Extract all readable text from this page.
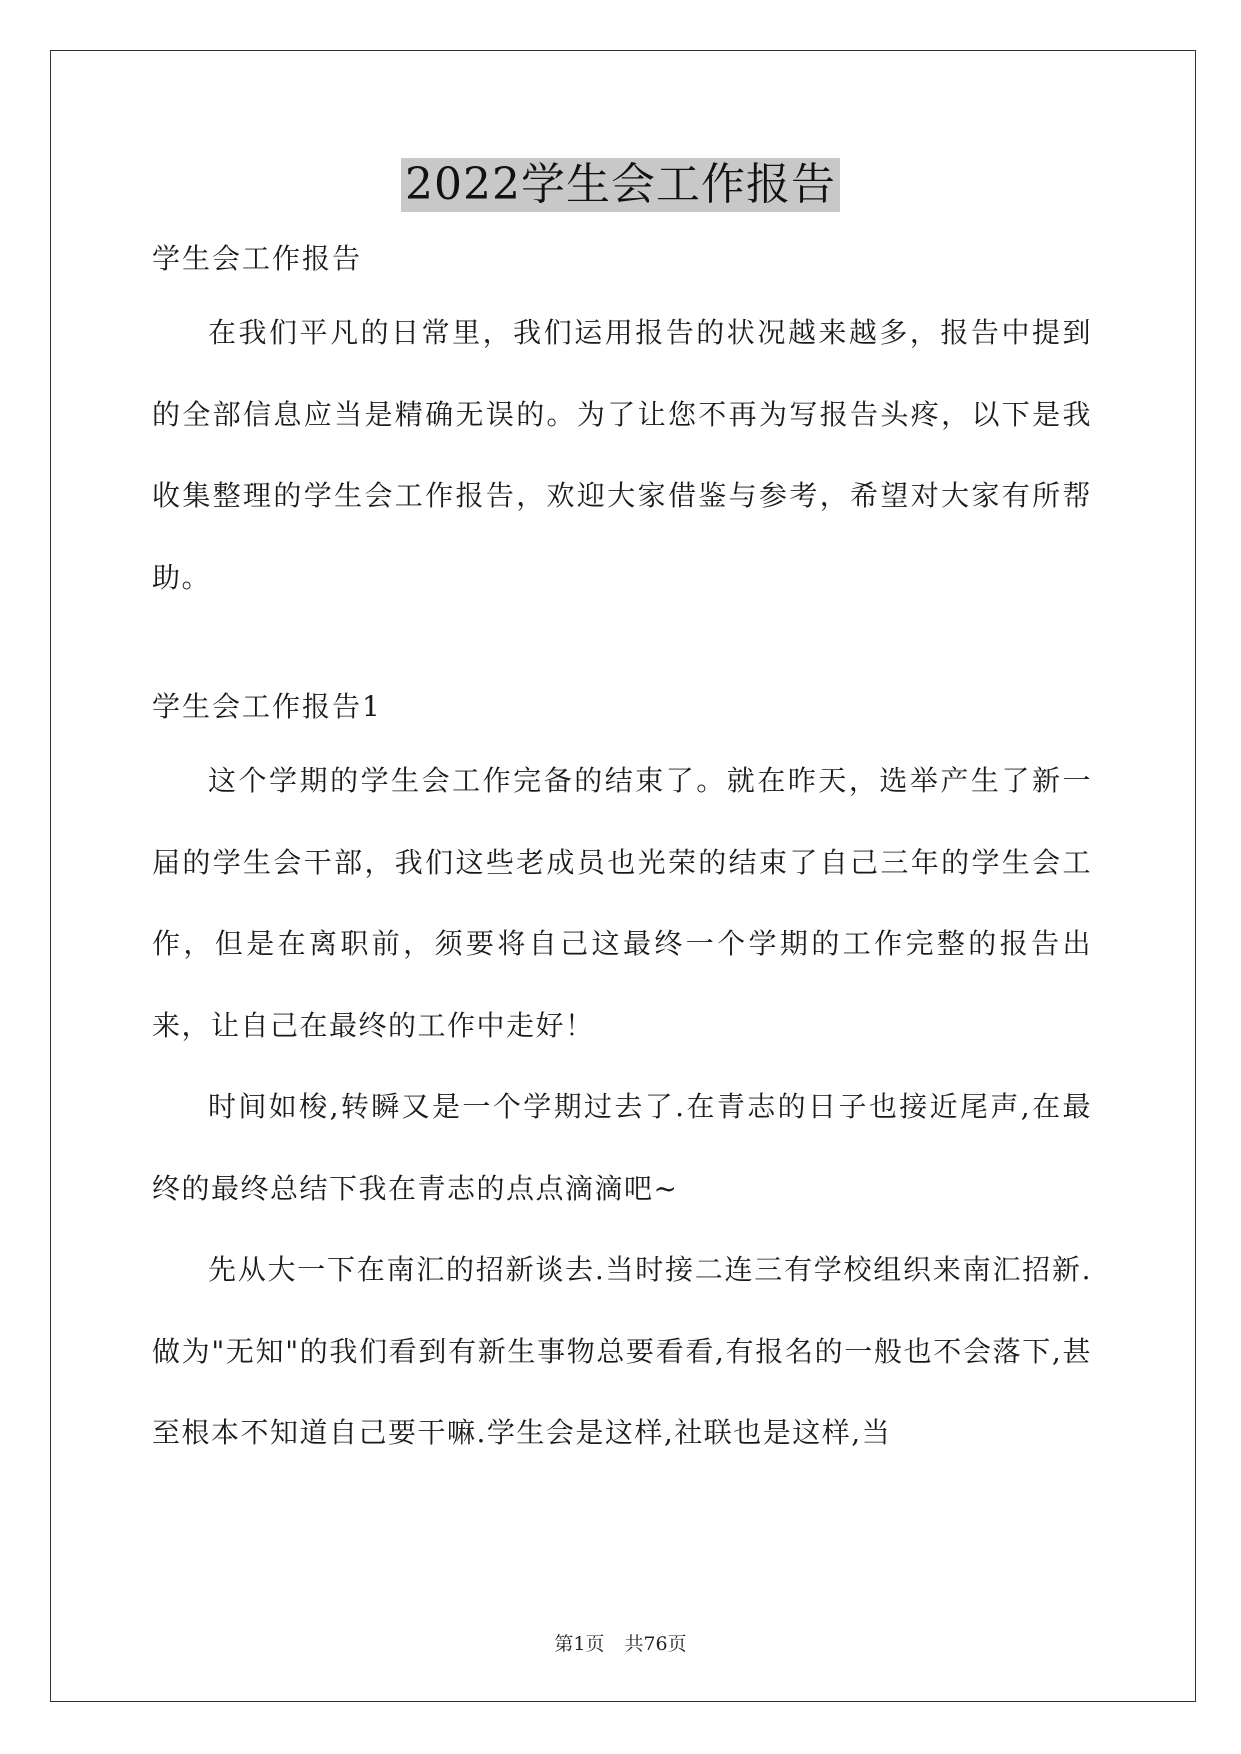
2022学生会工作报告

学生会工作报告

在我们平凡的日常里，我们运用报告的状况越来越多，报告中提到的全部信息应当是精确无误的。为了让您不再为写报告头疼，以下是我收集整理的学生会工作报告，欢迎大家借鉴与参考，希望对大家有所帮助。

学生会工作报告1

这个学期的学生会工作完备的结束了。就在昨天，选举产生了新一届的学生会干部，我们这些老成员也光荣的结束了自己三年的学生会工作，但是在离职前，须要将自己这最终一个学期的工作完整的报告出来，让自己在最终的工作中走好！

时间如梭,转瞬又是一个学期过去了.在青志的日子也接近尾声,在最终的最终总结下我在青志的点点滴滴吧~

先从大一下在南汇的招新谈去.当时接二连三有学校组织来南汇招新.做为"无知"的我们看到有新生事物总要看看,有报名的一般也不会落下,甚至根本不知道自己要干嘛.学生会是这样,社联也是这样,当

第1页 共76页
